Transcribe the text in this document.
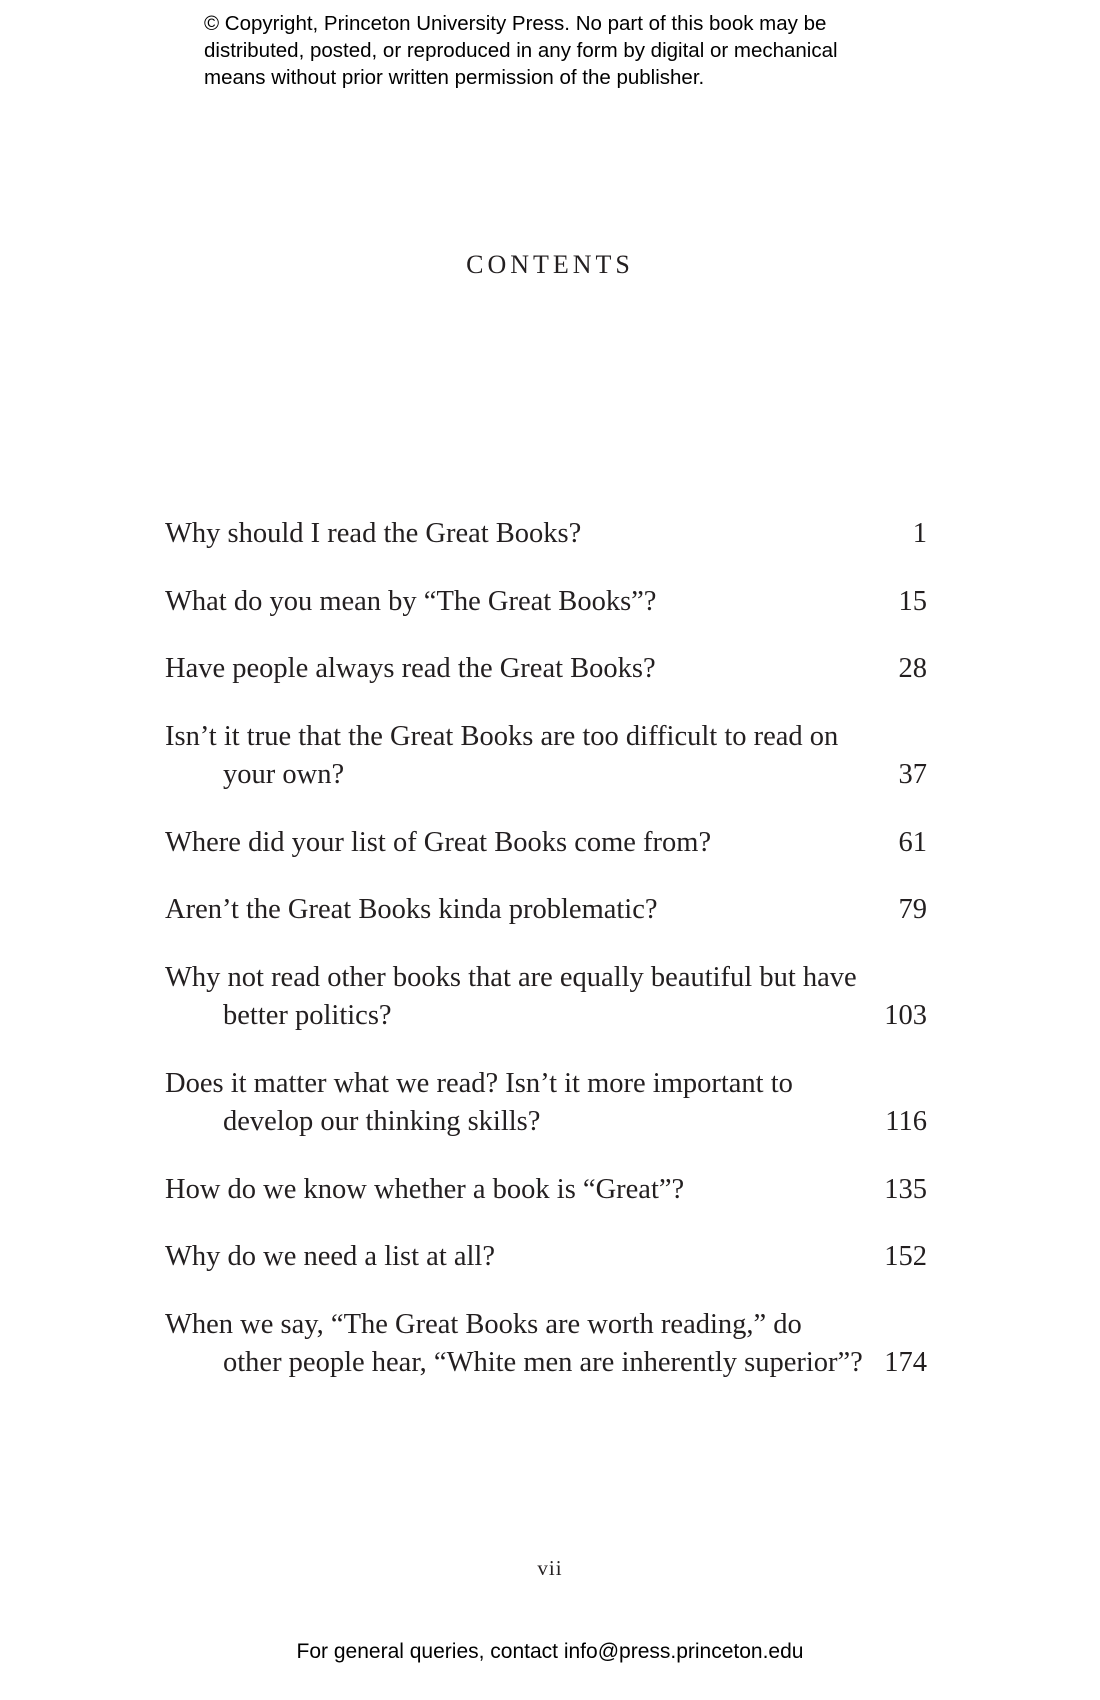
© Copyright, Princeton University Press. No part of this book may be
distributed, posted, or reproduced in any form by digital or mechanical
means without prior written permission of the publisher.
CONTENTS
Why should I read the Great Books?	1
What do you mean by “The Great Books”?	15
Have people always read the Great Books?	28
Isn’t it true that the Great Books are too difficult to read on your own?	37
Where did your list of Great Books come from?	61
Aren’t the Great Books kinda problematic?	79
Why not read other books that are equally beautiful but have better politics?	103
Does it matter what we read? Isn’t it more important to develop our thinking skills?	116
How do we know whether a book is “Great”?	135
Why do we need a list at all?	152
When we say, “The Great Books are worth reading,” do other people hear, “White men are inherently superior”? 174
vii
For general queries, contact info@press.princeton.edu
